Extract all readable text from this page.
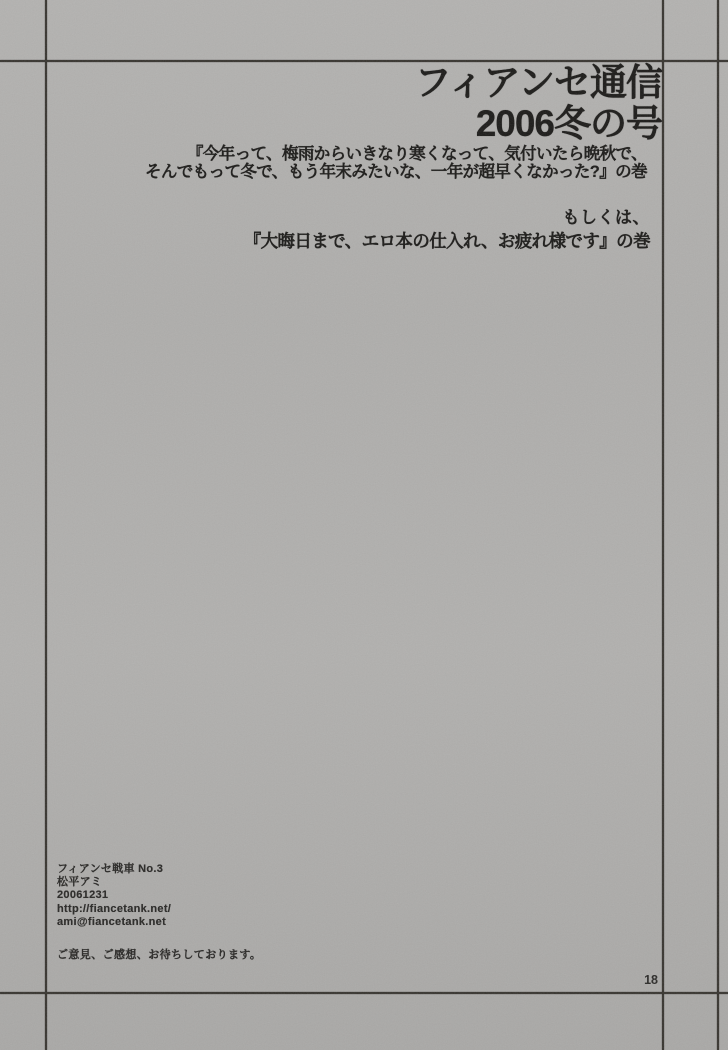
フィアンセ通信
2006冬の号
『今年って、梅雨からいきなり寒くなって、気付いたら晩秋で、
そんでもって冬で、もう年末みたいな、一年が超早くなかった?』の巻
もしくは、
『大晦日まで、エロ本の仕入れ、お疲れ様です』の巻
フィアンセ戦車 No.3
松平アミ
20061231
http://fiancetank.net/
ami@fiancetank.net
ご意見、ご感想、お待ちしております。
18
